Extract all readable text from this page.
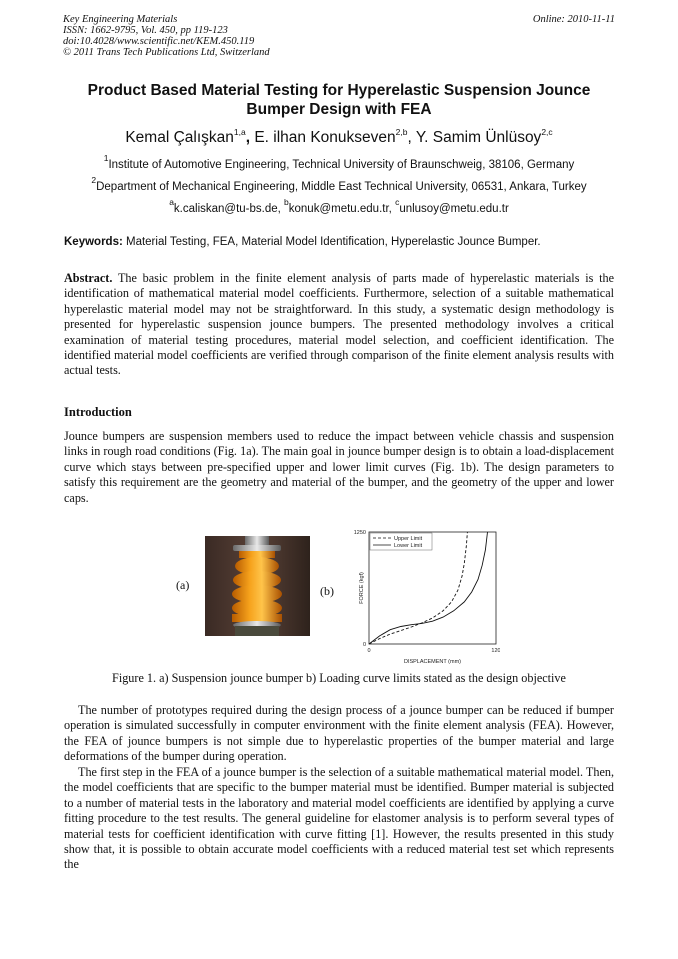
Key Engineering Materials
ISSN: 1662-9795, Vol. 450, pp 119-123
doi:10.4028/www.scientific.net/KEM.450.119
© 2011 Trans Tech Publications Ltd, Switzerland
Online: 2010-11-11
Product Based Material Testing for Hyperelastic Suspension Jounce
Bumper Design with FEA
Kemal Çalışkan$^{1,a}$, E. ilhan Konukseven$^{2,b}$, Y. Samim Ünlüsoy$^{2,c}$
$^1$Institute of Automotive Engineering, Technical University of Braunschweig, 38106, Germany
$^2$Department of Mechanical Engineering, Middle East Technical University, 06531, Ankara, Turkey
$^a$k.caliskan@tu-bs.de, $^b$konuk@metu.edu.tr, $^c$unlusoy@metu.edu.tr
Keywords: Material Testing, FEA, Material Model Identification, Hyperelastic Jounce Bumper.
Abstract. The basic problem in the finite element analysis of parts made of hyperelastic materials is the identification of mathematical material model coefficients. Furthermore, selection of a suitable mathematical hyperelastic material model may not be straightforward. In this study, a systematic design methodology is presented for hyperelastic suspension jounce bumpers. The presented methodology involves a critical examination of material testing procedures, material model selection, and coefficient identification. The identified material model coefficients are verified through comparison of the finite element analysis results with actual tests.
Introduction
Jounce bumpers are suspension members used to reduce the impact between vehicle chassis and suspension links in rough road conditions (Fig. 1a). The main goal in jounce bumper design is to obtain a load-displacement curve which stays between pre-specified upper and lower limit curves (Fig. 1b). The design parameters to satisfy this requirement are the geometry and material of the bumper, and the geometry of the upper and lower caps.
(a)	(b)
0
1250
0	120
DISPLACEMENT (mm)
FORCE (kgf)
Upper Limit
Lower Limit
Figure 1. a) Suspension jounce bumper b) Loading curve limits stated as the design objective
The number of prototypes required during the design process of a jounce bumper can be reduced if bumper operation is simulated successfully in computer environment with the finite element analysis (FEA). However, the FEA of jounce bumpers is not simple due to hyperelastic properties of the bumper material and large deformations of the bumper during operation.
The first step in the FEA of a jounce bumper is the selection of a suitable mathematical material model. Then, the model coefficients that are specific to the bumper material must be identified. Bumper material is subjected to a number of material tests in the laboratory and material model coefficients are identified by applying a curve fitting procedure to the test results. The general guideline for elastomer analysis is to perform several types of material tests for coefficient identification with curve fitting [1]. However, the results presented in this study show that, it is possible to obtain accurate model coefficients with a reduced material test set which represents the
